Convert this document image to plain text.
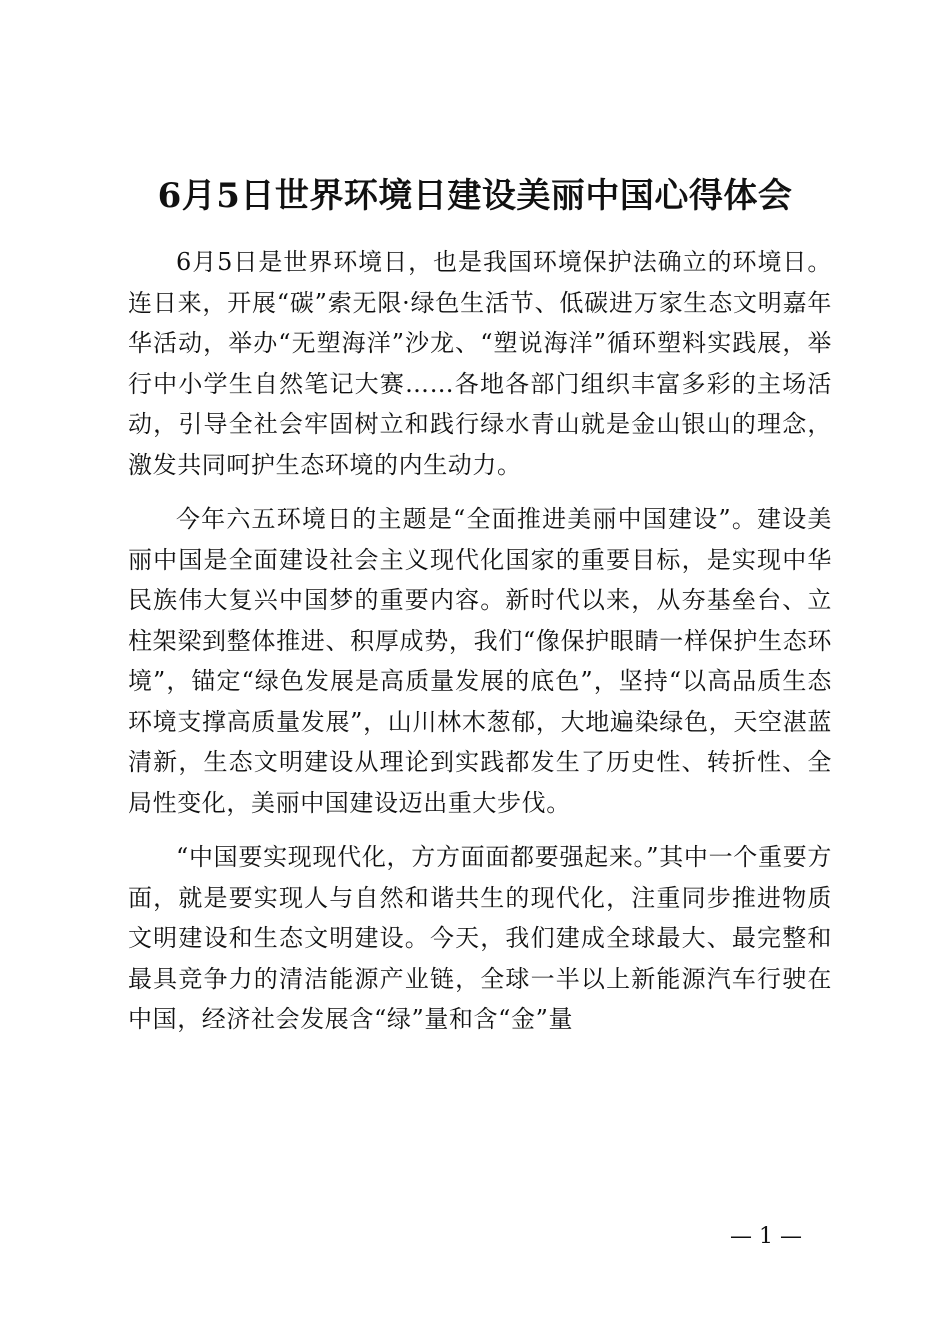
6月5日世界环境日建设美丽中国心得体会

6月5日是世界环境日，也是我国环境保护法确立的环境日。连日来，开展“碳”索无限·绿色生活节、低碳进万家生态文明嘉年华活动，举办“无塑海洋”沙龙、“塑说海洋”循环塑料实践展，举行中小学生自然笔记大赛……各地各部门组织丰富多彩的主场活动，引导全社会牢固树立和践行绿水青山就是金山银山的理念，激发共同呵护生态环境的内生动力。

今年六五环境日的主题是“全面推进美丽中国建设”。建设美丽中国是全面建设社会主义现代化国家的重要目标，是实现中华民族伟大复兴中国梦的重要内容。新时代以来，从夯基垒台、立柱架梁到整体推进、积厚成势，我们“像保护眼睛一样保护生态环境”，锚定“绿色发展是高质量发展的底色”，坚持“以高品质生态环境支撑高质量发展”，山川林木葱郁，大地遍染绿色，天空湛蓝清新，生态文明建设从理论到实践都发生了历史性、转折性、全局性变化，美丽中国建设迈出重大步伐。

“中国要实现现代化，方方面面都要强起来。”其中一个重要方面，就是要实现人与自然和谐共生的现代化，注重同步推进物质文明建设和生态文明建设。今天，我们建成全球最大、最完整和最具竞争力的清洁能源产业链，全球一半以上新能源汽车行驶在中国，经济社会发展含“绿”量和含“金”量

— 1 —
